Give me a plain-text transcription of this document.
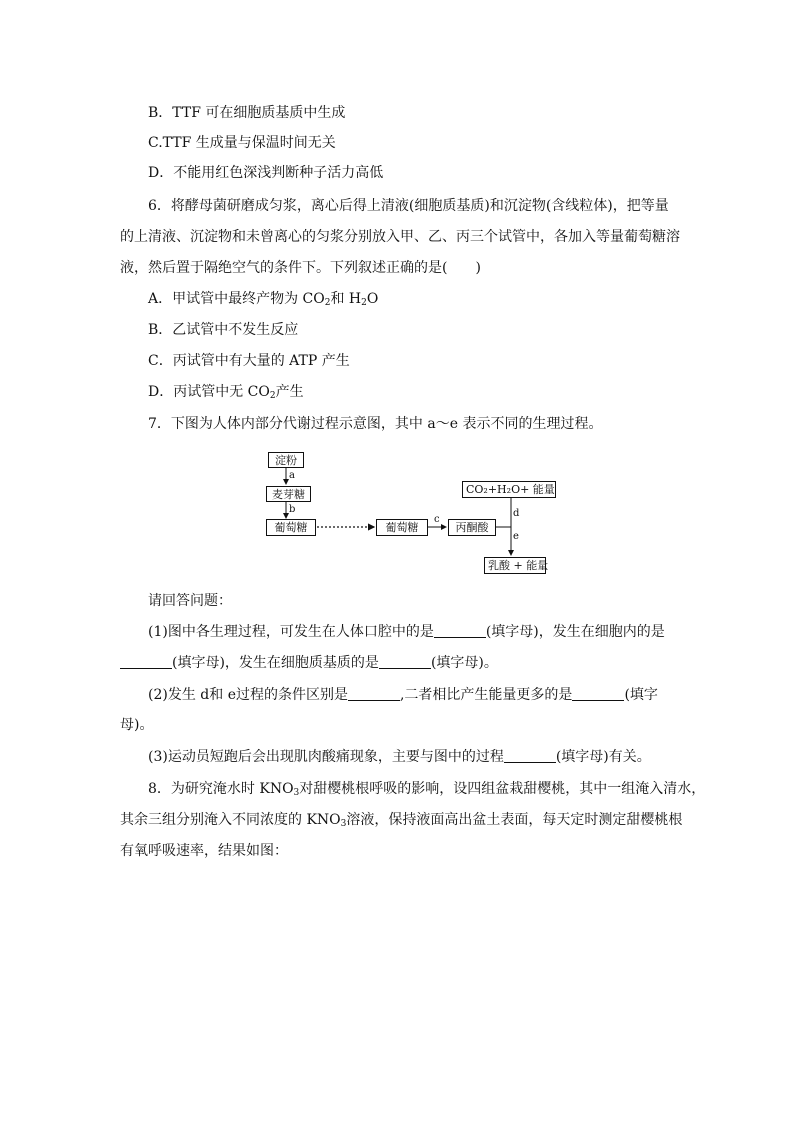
B．TTF 可在细胞质基质中生成
C.TTF 生成量与保温时间无关
D．不能用红色深浅判断种子活力高低
6．将酵母菌研磨成匀浆，离心后得上清液(细胞质基质)和沉淀物(含线粒体)，把等量
的上清液、沉淀物和未曾离心的匀浆分别放入甲、乙、丙三个试管中，各加入等量葡萄糖溶
液，然后置于隔绝空气的条件下。下列叙述正确的是(　　)
A．甲试管中最终产物为 $CO_2$和 $H_2O$
B．乙试管中不发生反应
C．丙试管中有大量的 ATP 产生
D．丙试管中无 $CO_2$产生
7．下图为人体内部分代谢过程示意图，其中 a～e 表示不同的生理过程。
淀粉
麦芽糖
葡萄糖	葡萄糖	丙酮酸
CO₂+H₂O+ 能量
乳酸 + 能量
a
b
c
d
e
请回答问题：
(1)图中各生理过程，可发生在人体口腔中的是	(填字母)，发生在细胞内的是
(填字母)，发生在细胞质基质的是	(填字母)。
(2)发生 d和 e过程的条件区别是	,二者相比产生能量更多的是	(填字
母)。
(3)运动员短跑后会出现肌肉酸痛现象，主要与图中的过程	(填字母)有关。
8．为研究淹水时 $KNO_3$对甜樱桃根呼吸的影响，设四组盆栽甜樱桃，其中一组淹入清水，
其余三组分别淹入不同浓度的 $KNO_3$溶液，保持液面高出盆土表面，每天定时测定甜樱桃根
有氧呼吸速率，结果如图：
